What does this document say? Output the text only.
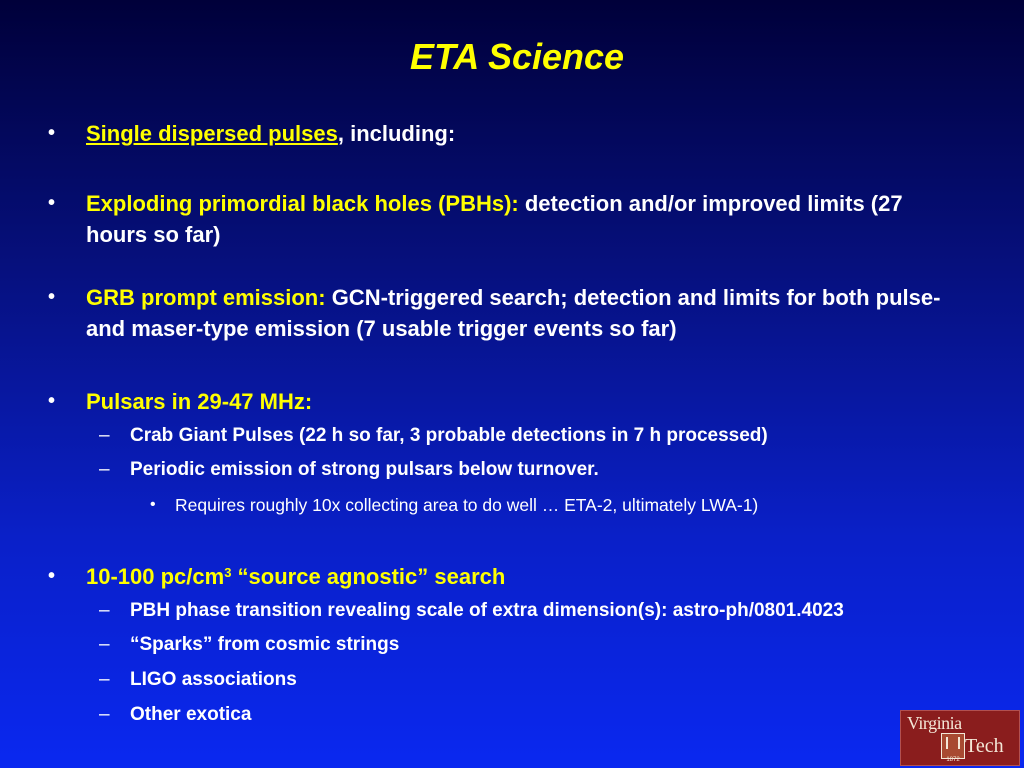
ETA Science
• Single dispersed pulses, including:
• Exploding primordial black holes (PBHs): detection and/or improved limits (27 hours so far)
• GRB prompt emission: GCN-triggered search; detection and limits for both pulse- and maser-type emission (7 usable trigger events so far)
• Pulsars in 29-47 MHz:
– Crab Giant Pulses (22 h so far, 3 probable detections in 7 h processed)
– Periodic emission of strong pulsars below turnover.
• Requires roughly 10x collecting area to do well … ETA-2, ultimately LWA-1)
• 10-100 $pc/cm^3$ “source agnostic” search
– PBH phase transition revealing scale of extra dimension(s): astro-ph/0801.4023
– “Sparks” from cosmic strings
– LIGO associations
– Other exotica	Virginia
1872
Tech
